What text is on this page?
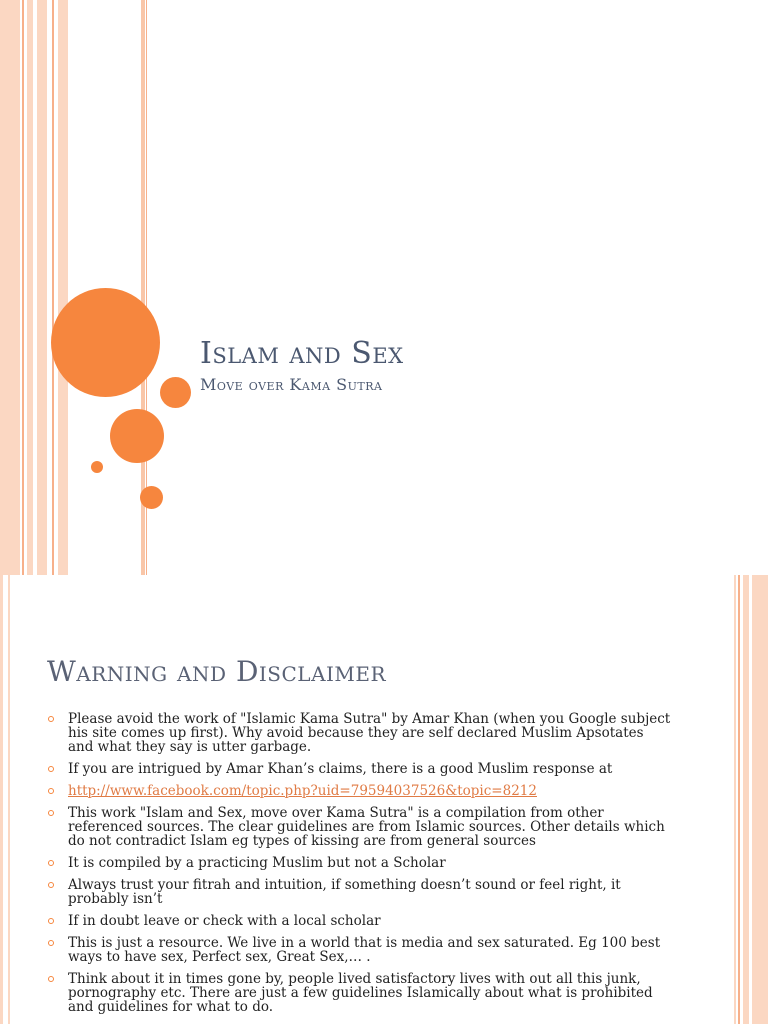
Islam and Sex
Move over Kama Sutra
Warning and Disclaimer
Please avoid the work of "Islamic Kama Sutra" by Amar Khan (when you Google subject his site comes up first). Why avoid because they are self declared Muslim Apsotates and what they say is utter garbage.
If you are intrigued by Amar Khan’s claims, there is a good Muslim response at
http://www.facebook.com/topic.php?uid=79594037526&topic=8212
This work "Islam and Sex, move over Kama Sutra" is a compilation from other referenced sources. The clear guidelines are from Islamic sources. Other details which do not contradict Islam eg types of kissing are from general sources
It is compiled by a practicing Muslim but not a Scholar
Always trust your fitrah and intuition, if something doesn’t sound or feel right, it probably isn’t
If in doubt leave or check with a local scholar
This is just a resource. We live in a world that is media and sex saturated. Eg 100 best ways to have sex, Perfect sex, Great Sex,… .
Think about it in times gone by, people lived satisfactory lives with out all this junk, pornography etc. There are just a few guidelines Islamically about what is prohibited and guidelines for what to do.
